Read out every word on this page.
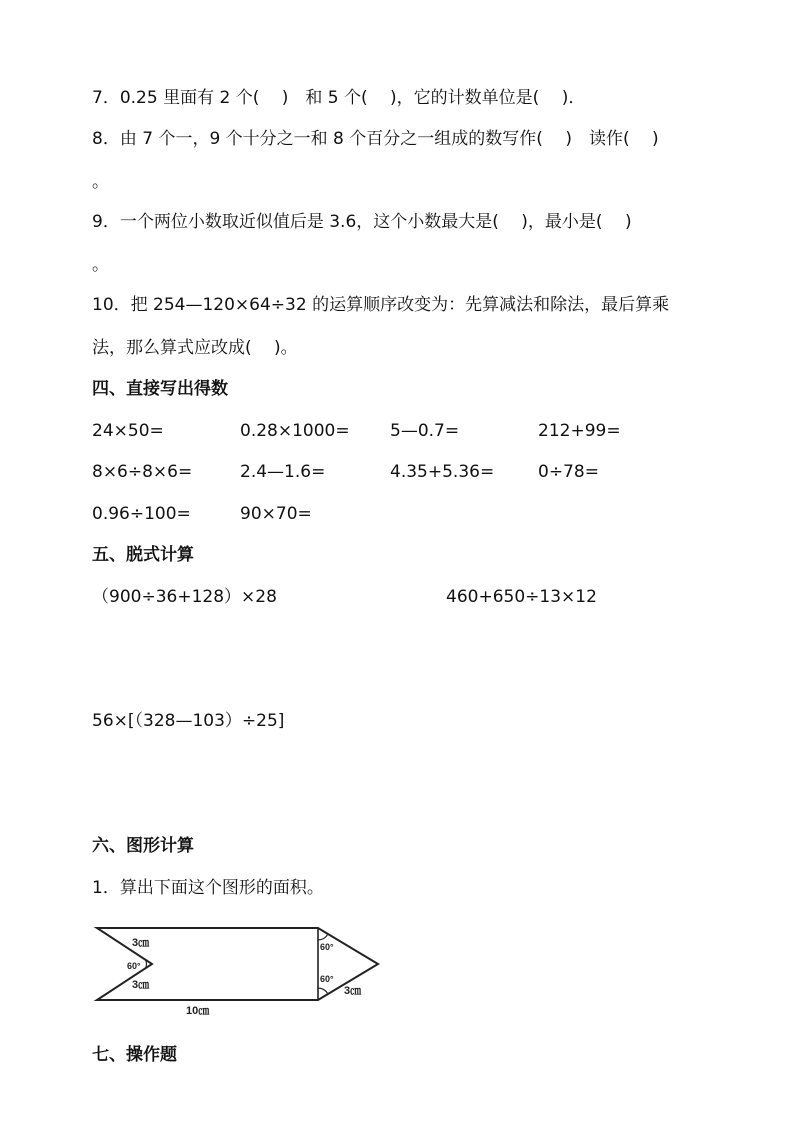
7．0.25 里面有 2 个(　 )　和 5 个(　 )，它的计数单位是(　 )．
8．由 7 个一，9 个十分之一和 8 个百分之一组成的数写作(　 )　读作(　 )
。
9．一个两位小数取近似值后是 3.6，这个小数最大是(　 )，最小是(　 )
。
10．把 254—120×64÷32 的运算顺序改变为：先算减法和除法，最后算乘
法，那么算式应改成(　 )。
四、直接写出得数
24×50=	0.28×1000= 5—0.7=	212+99=
8×6÷8×6=	2.4—1.6=	4.35+5.36=	0÷78=
0.96÷100=	90×70=
五、脱式计算
（900÷36+128）×28	460+650÷13×12
56×[（328—103）÷25]
六、图形计算
1．算出下面这个图形的面积。
3㎝
60°
3㎝
60°
60°
3㎝
10㎝
七、操作题
